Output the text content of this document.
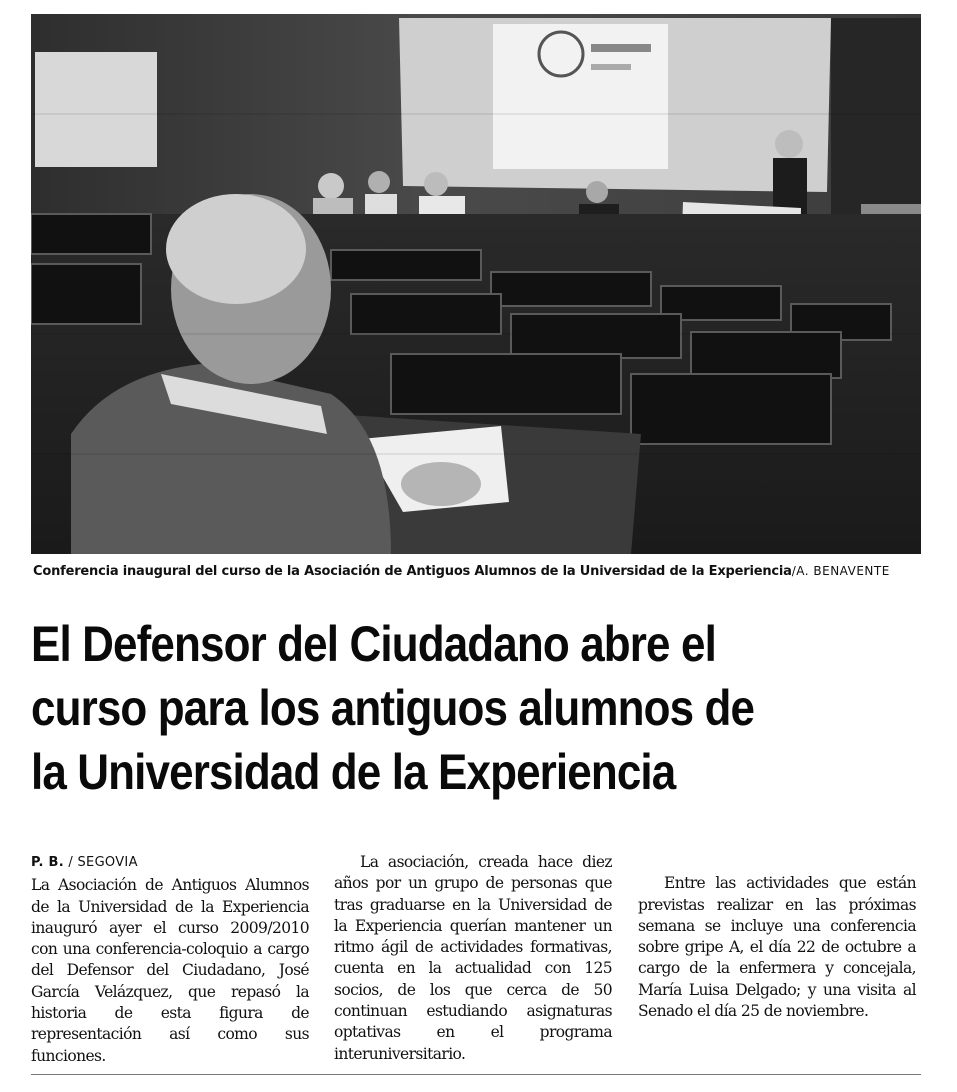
Conferencia inaugural del curso de la Asociación de Antiguos Alumnos de la Universidad de la Experiencia/A. BENAVENTE
El Defensor del Ciudadano abre el
curso para los antiguos alumnos de
la Universidad de la Experiencia
P. B. / SEGOVIA

La Asociación de Antiguos Alumnos de la Universidad de la Experiencia inauguró ayer el curso 2009/2010 con una conferencia-coloquio a cargo del Defensor del Ciudadano, José García Velázquez, que repasó la historia de esta figura de representación así como sus funciones.

La asociación, creada hace diez años por un grupo de personas que tras graduarse en la Universidad de la Experiencia querían mantener un ritmo ágil de actividades formativas, cuenta en la actualidad con 125 socios, de los que cerca de 50 continuan estudiando asignaturas optativas en el programa interuniversitario.

Entre las actividades que están previstas realizar en las próximas semana se incluye una conferencia sobre gripe A, el día 22 de octubre a cargo de la enfermera y concejala, María Luisa Delgado; y una visita al Senado el día 25 de noviembre.
